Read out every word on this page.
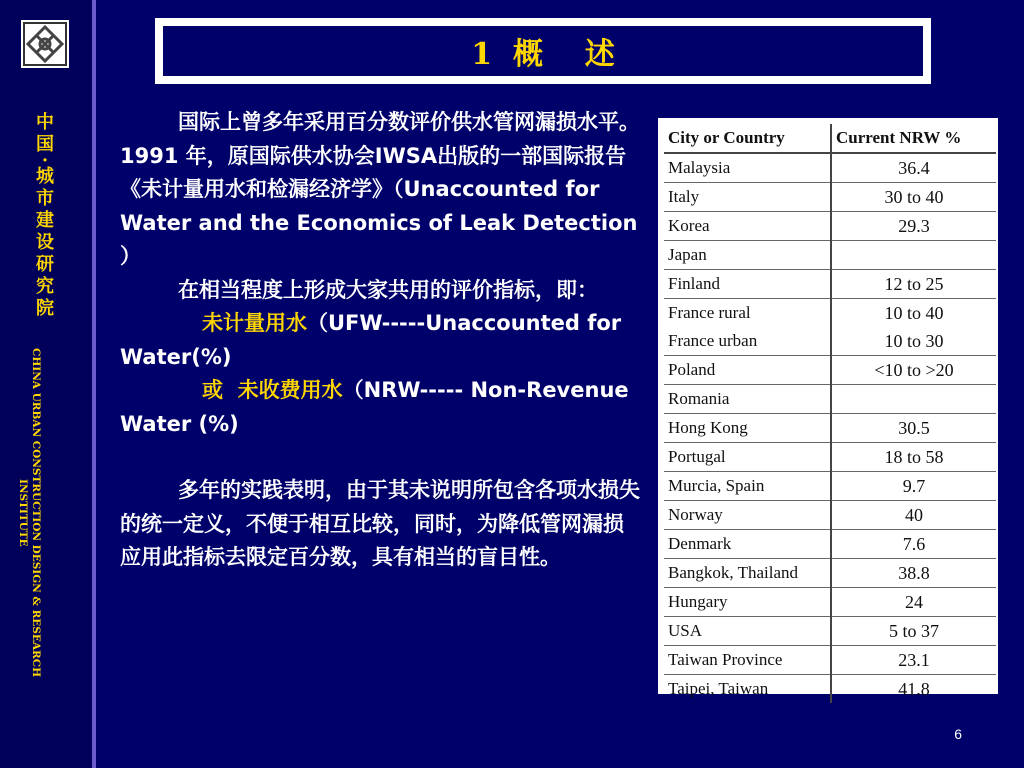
中
国
·
城
市
建
设
研
究
院
CHINA URBAN CONSTRUCTION DESIGN & RESEARCH
INSTITUTE
1  概    述

国际上曾多年采用百分数评价供水管网漏损水平。1991 年，原国际供水协会IWSA出版的一部国际报告《未计量用水和检漏经济学》（Unaccounted for Water and the Economics of Leak Detection ）

在相当程度上形成大家共用的评价指标，即：

未计量用水（UFW-----Unaccounted for Water(%)

或 未收费用水（NRW----- Non-Revenue Water (%)

多年的实践表明，由于其未说明所包含各项水损失的统一定义，不便于相互比较，同时，为降低管网漏损应用此指标去限定百分数，具有相当的盲目性。

City or Country	Current NRW %
Malaysia	36.4
Italy	30 to 40
Korea	29.3
Japan	
Finland	12 to 25
France rural	10 to 40
France urban	10 to 30
Poland	<10 to >20
Romania	
Hong Kong	30.5
Portugal	18 to 58
Murcia, Spain	9.7
Norway	40
Denmark	7.6
Bangkok, Thailand	38.8
Hungary	24
USA	5 to 37
Taiwan Province	23.1
Taipei, Taiwan	41.8
6
